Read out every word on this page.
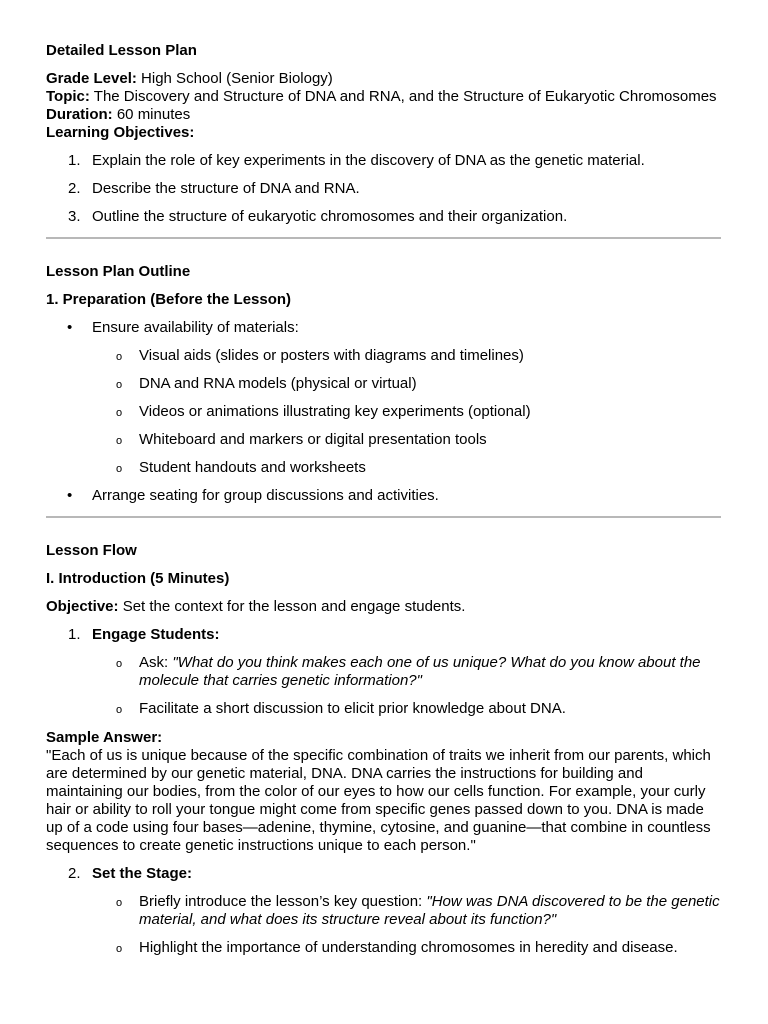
Detailed Lesson Plan
Grade Level: High School (Senior Biology)
Topic: The Discovery and Structure of DNA and RNA, and the Structure of Eukaryotic Chromosomes
Duration: 60 minutes
Learning Objectives:
1. Explain the role of key experiments in the discovery of DNA as the genetic material.
2. Describe the structure of DNA and RNA.
3. Outline the structure of eukaryotic chromosomes and their organization.
Lesson Plan Outline
1. Preparation (Before the Lesson)
• Ensure availability of materials:
o Visual aids (slides or posters with diagrams and timelines)
o DNA and RNA models (physical or virtual)
o Videos or animations illustrating key experiments (optional)
o Whiteboard and markers or digital presentation tools
o Student handouts and worksheets
• Arrange seating for group discussions and activities.
Lesson Flow
I. Introduction (5 Minutes)
Objective: Set the context for the lesson and engage students.
1. Engage Students:
o Ask: "What do you think makes each one of us unique? What do you know about the molecule that carries genetic information?"
o Facilitate a short discussion to elicit prior knowledge about DNA.
Sample Answer:
"Each of us is unique because of the specific combination of traits we inherit from our parents, which are determined by our genetic material, DNA. DNA carries the instructions for building and maintaining our bodies, from the color of our eyes to how our cells function. For example, your curly hair or ability to roll your tongue might come from specific genes passed down to you. DNA is made up of a code using four bases—adenine, thymine, cytosine, and guanine—that combine in countless sequences to create genetic instructions unique to each person."
2. Set the Stage:
o Briefly introduce the lesson’s key question: "How was DNA discovered to be the genetic material, and what does its structure reveal about its function?"
o Highlight the importance of understanding chromosomes in heredity and disease.
